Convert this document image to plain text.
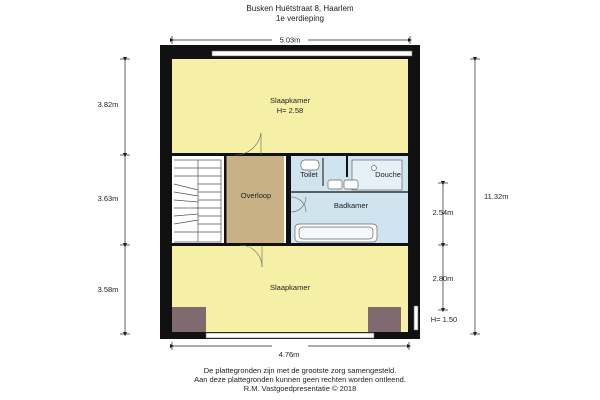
Busken Huëtstraat 8, Haarlem
1e verdieping
Slaapkamer
H= 2.58
Overloop
Toilet	Douche
Badkamer
Slaapkamer
H= 1.50
5.03m
4.76m
3.82m
3.63m
3.58m
11.32m
2.54m
2.80m
De plattegronden zijn met de grootste zorg samengesteld.
Aan deze plattegronden kunnen geen rechten worden ontleend.
R.M. Vastgoedpresentatie © 2018
